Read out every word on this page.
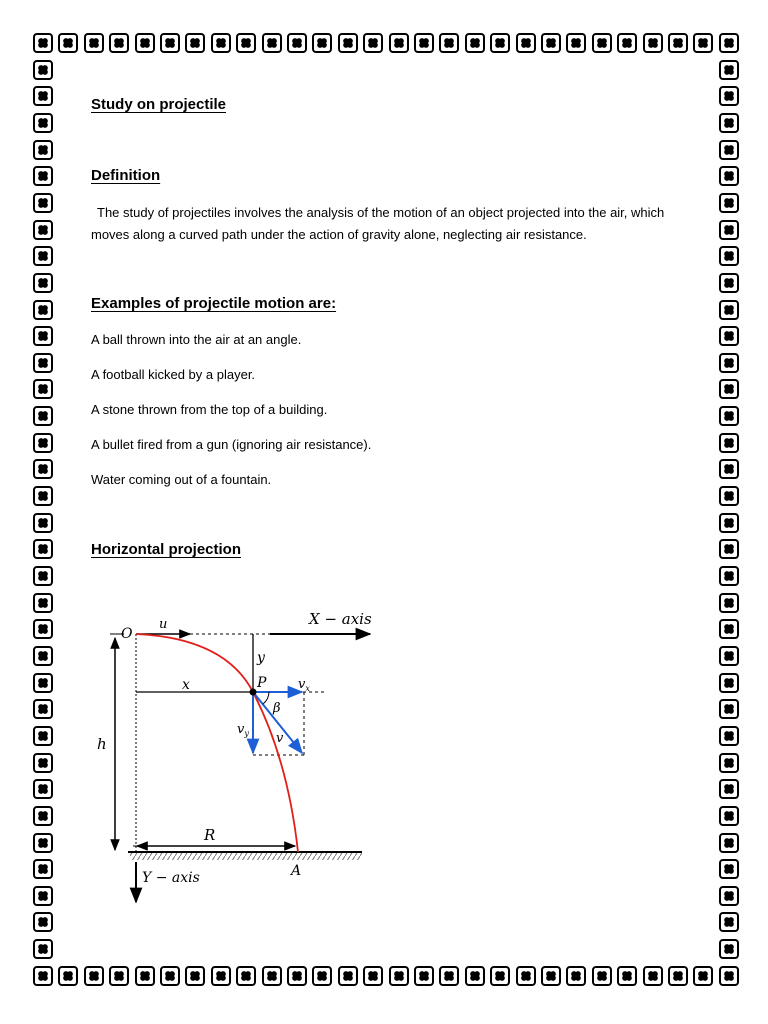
Study on projectile
Definition

The study of projectiles involves the analysis of the motion of an object projected into the air, which moves along a curved path under the action of gravity alone, neglecting air resistance.

Examples of projectile motion are:

A ball thrown into the air at an angle.

A football kicked by a player.

A stone thrown from the top of a building.

A bullet fired from a gun (ignoring air resistance).

Water coming out of a fountain.

Horizontal projection
X − axis
u
O
y
x
h
R
β
P $v_x$
$v_y$ v
Y − axis	A
